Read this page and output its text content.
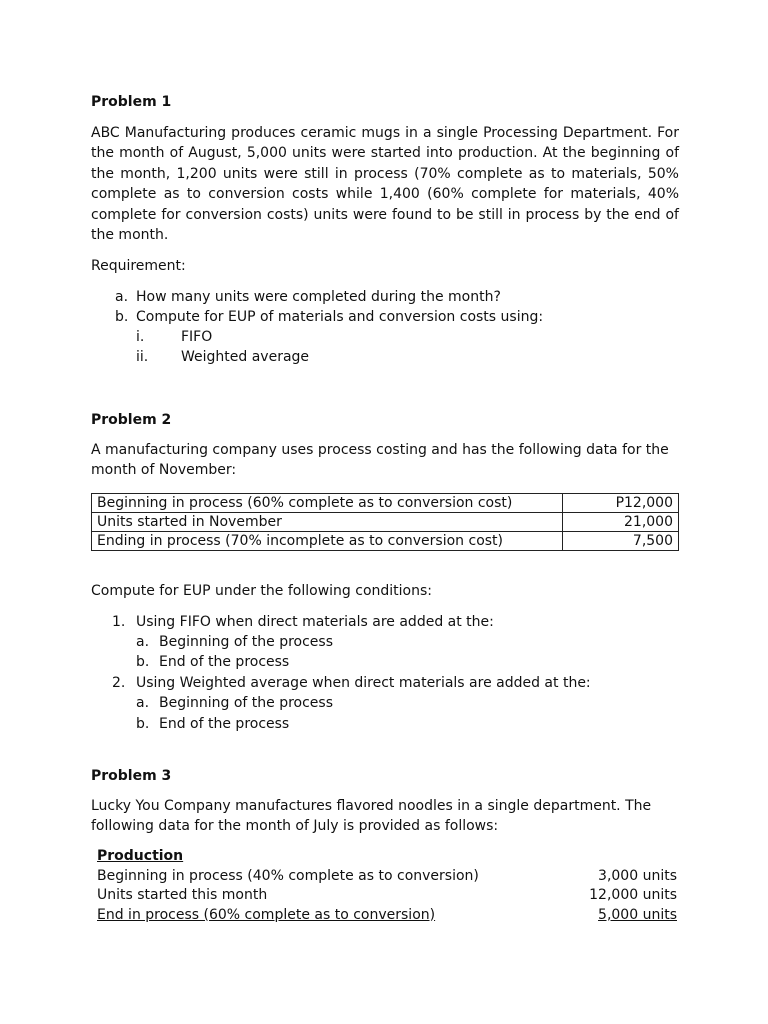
Problem 1
ABC Manufacturing produces ceramic mugs in a single Processing Department. For the month of August, 5,000 units were started into production. At the beginning of the month, 1,200 units were still in process (70% complete as to materials, 50% complete as to conversion costs while 1,400 (60% complete for materials, 40% complete for conversion costs) units were found to be still in process by the end of the month.
Requirement:
a. How many units were completed during the month?
b. Compute for EUP of materials and conversion costs using:
i.	FIFO
ii. Weighted average
Problem 2
A manufacturing company uses process costing and has the following data for the month of November:
Beginning in process (60% complete as to conversion cost)	P12,000
Units started in November	21,000
Ending in process (70% incomplete as to conversion cost)	7,500
Compute for EUP under the following conditions:
1. Using FIFO when direct materials are added at the:
a. Beginning of the process
b. End of the process
2. Using Weighted average when direct materials are added at the:
a. Beginning of the process
b. End of the process
Problem 3
Lucky You Company manufactures flavored noodles in a single department. The following data for the month of July is provided as follows:
Production
Beginning in process (40% complete as to conversion)	3,000 units
Units started this month	12,000 units
End in process (60% complete as to conversion)	5,000 units
